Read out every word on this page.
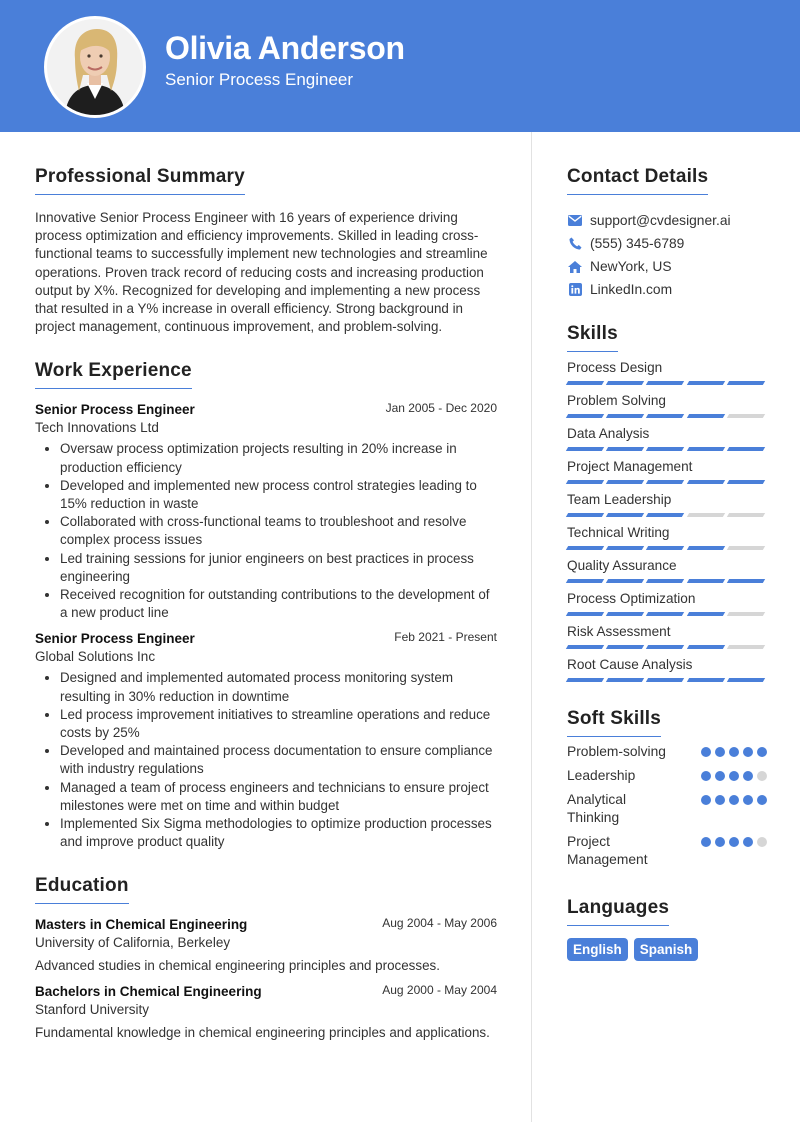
Olivia Anderson
Senior Process Engineer
Professional Summary

Innovative Senior Process Engineer with 16 years of experience driving process optimization and efficiency improvements. Skilled in leading cross-functional teams to successfully implement new technologies and streamline operations. Proven track record of reducing costs and increasing production output by X%. Recognized for developing and implementing a new process that resulted in a Y% increase in overall efficiency. Strong background in project management, continuous improvement, and problem-solving.

Work Experience
Senior Process Engineer	Jan 2005 - Dec 2020
Tech Innovations Ltd
• Oversaw process optimization projects resulting in 20% increase in production efficiency
• Developed and implemented new process control strategies leading to 15% reduction in waste
• Collaborated with cross-functional teams to troubleshoot and resolve complex process issues
• Led training sessions for junior engineers on best practices in process engineering
• Received recognition for outstanding contributions to the development of a new product line
Senior Process Engineer	Feb 2021 - Present
Global Solutions Inc
• Designed and implemented automated process monitoring system resulting in 30% reduction in downtime
• Led process improvement initiatives to streamline operations and reduce costs by 25%
• Developed and maintained process documentation to ensure compliance with industry regulations
• Managed a team of process engineers and technicians to ensure project milestones were met on time and within budget
• Implemented Six Sigma methodologies to optimize production processes and improve product quality
Education
Masters in Chemical Engineering	Aug 2004 - May 2006
University of California, Berkeley
Advanced studies in chemical engineering principles and processes.
Bachelors in Chemical Engineering	Aug 2000 - May 2004
Stanford University
Fundamental knowledge in chemical engineering principles and applications.
Contact Details
support@cvdesigner.ai
(555) 345-6789
NewYork, US
LinkedIn.com
Skills
Process Design
Problem Solving
Data Analysis
Project Management
Team Leadership
Technical Writing
Quality Assurance
Process Optimization
Risk Assessment
Root Cause Analysis
Soft Skills
Problem-solving
Leadership
Analytical Thinking
Project Management
Languages
English	Spanish
